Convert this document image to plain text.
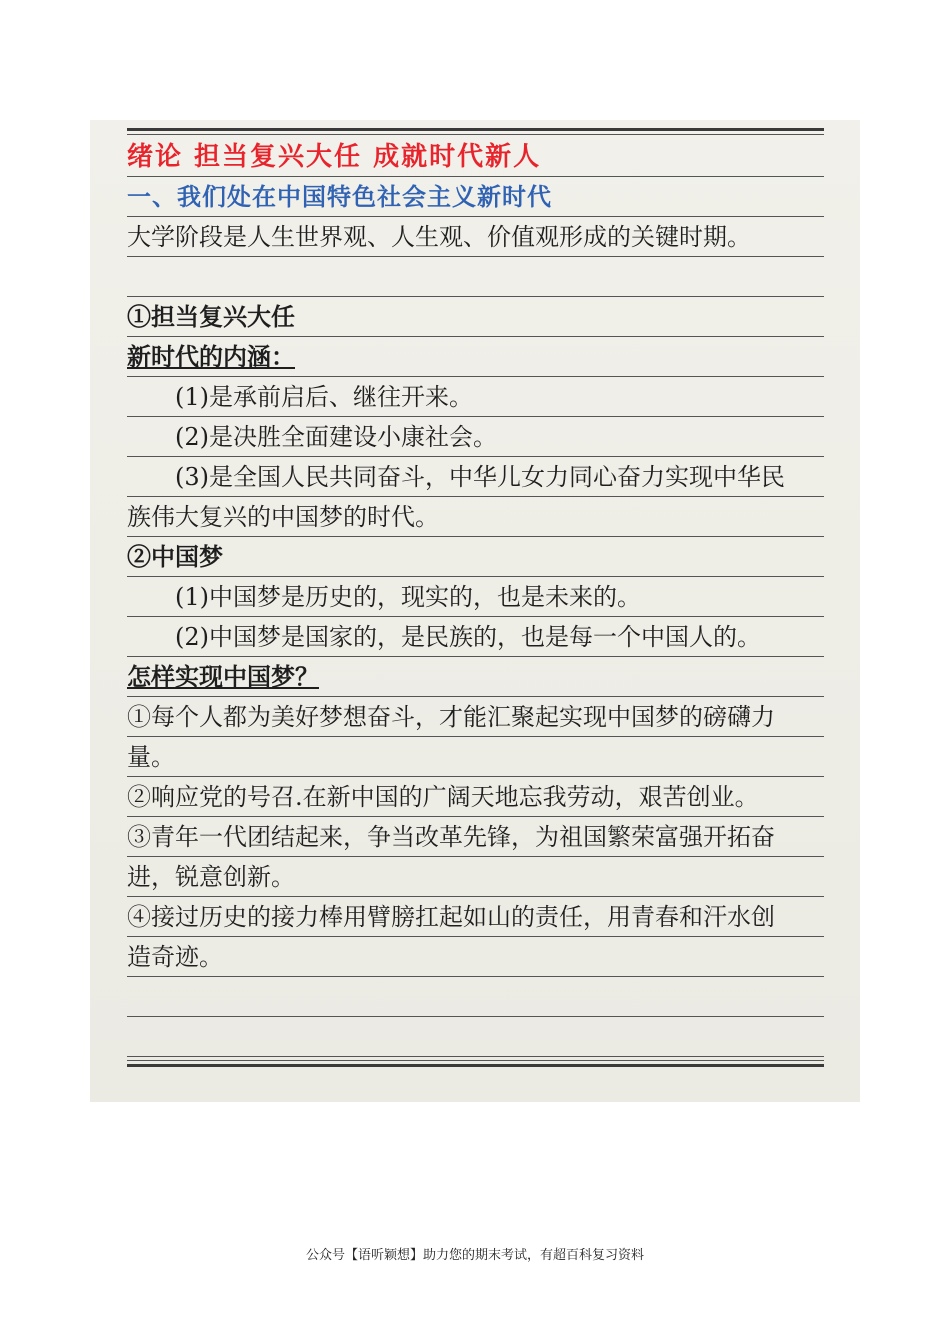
绪论 担当复兴大任 成就时代新人
一、我们处在中国特色社会主义新时代
大学阶段是人生世界观、人生观、价值观形成的关键时期。
①担当复兴大任
新时代的内涵：
(1)是承前启后、继往开来。
(2)是决胜全面建设小康社会。
(3)是全国人民共同奋斗，中华儿女力同心奋力实现中华民
族伟大复兴的中国梦的时代。
②中国梦
(1)中国梦是历史的，现实的，也是未来的。
(2)中国梦是国家的，是民族的，也是每一个中国人的。
怎样实现中国梦？
①每个人都为美好梦想奋斗，才能汇聚起实现中国梦的磅礴力
量。
②响应党的号召.在新中国的广阔天地忘我劳动，艰苦创业。
③青年一代团结起来，争当改革先锋，为祖国繁荣富强开拓奋
进，锐意创新。
④接过历史的接力棒用臂膀扛起如山的责任，用青春和汗水创
造奇迹。
公众号【语听颖想】助力您的期末考试，有超百科复习资料
